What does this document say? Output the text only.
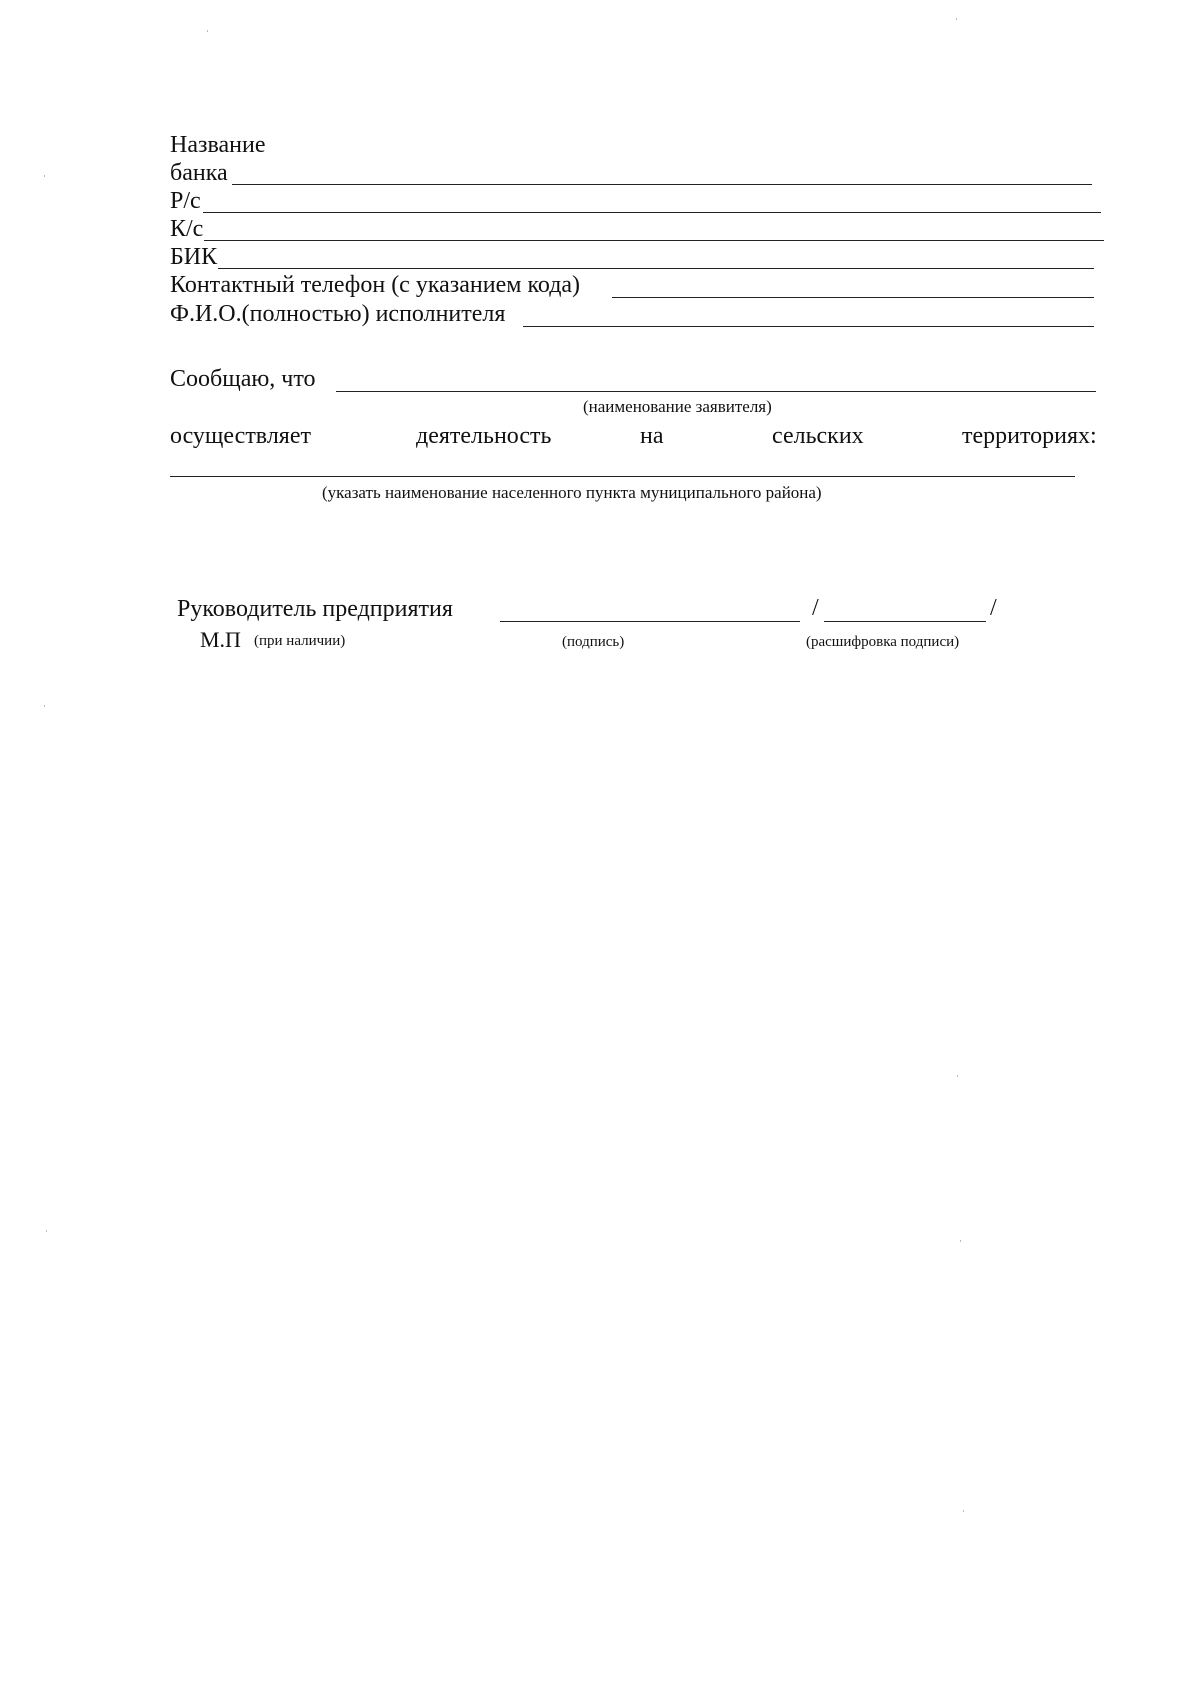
Название
банка
Р/с
К/с
БИК
Контактный телефон (с указанием кода)
Ф.И.О.(полностью) исполнителя
Сообщаю, что
(наименование заявителя)
осуществляет	деятельность	на	сельских	территориях:
(указать наименование населенного пункта муниципального района)
Руководитель предприятия	/	/
М.П (при наличии)	(подпись)	(расшифровка подписи)
